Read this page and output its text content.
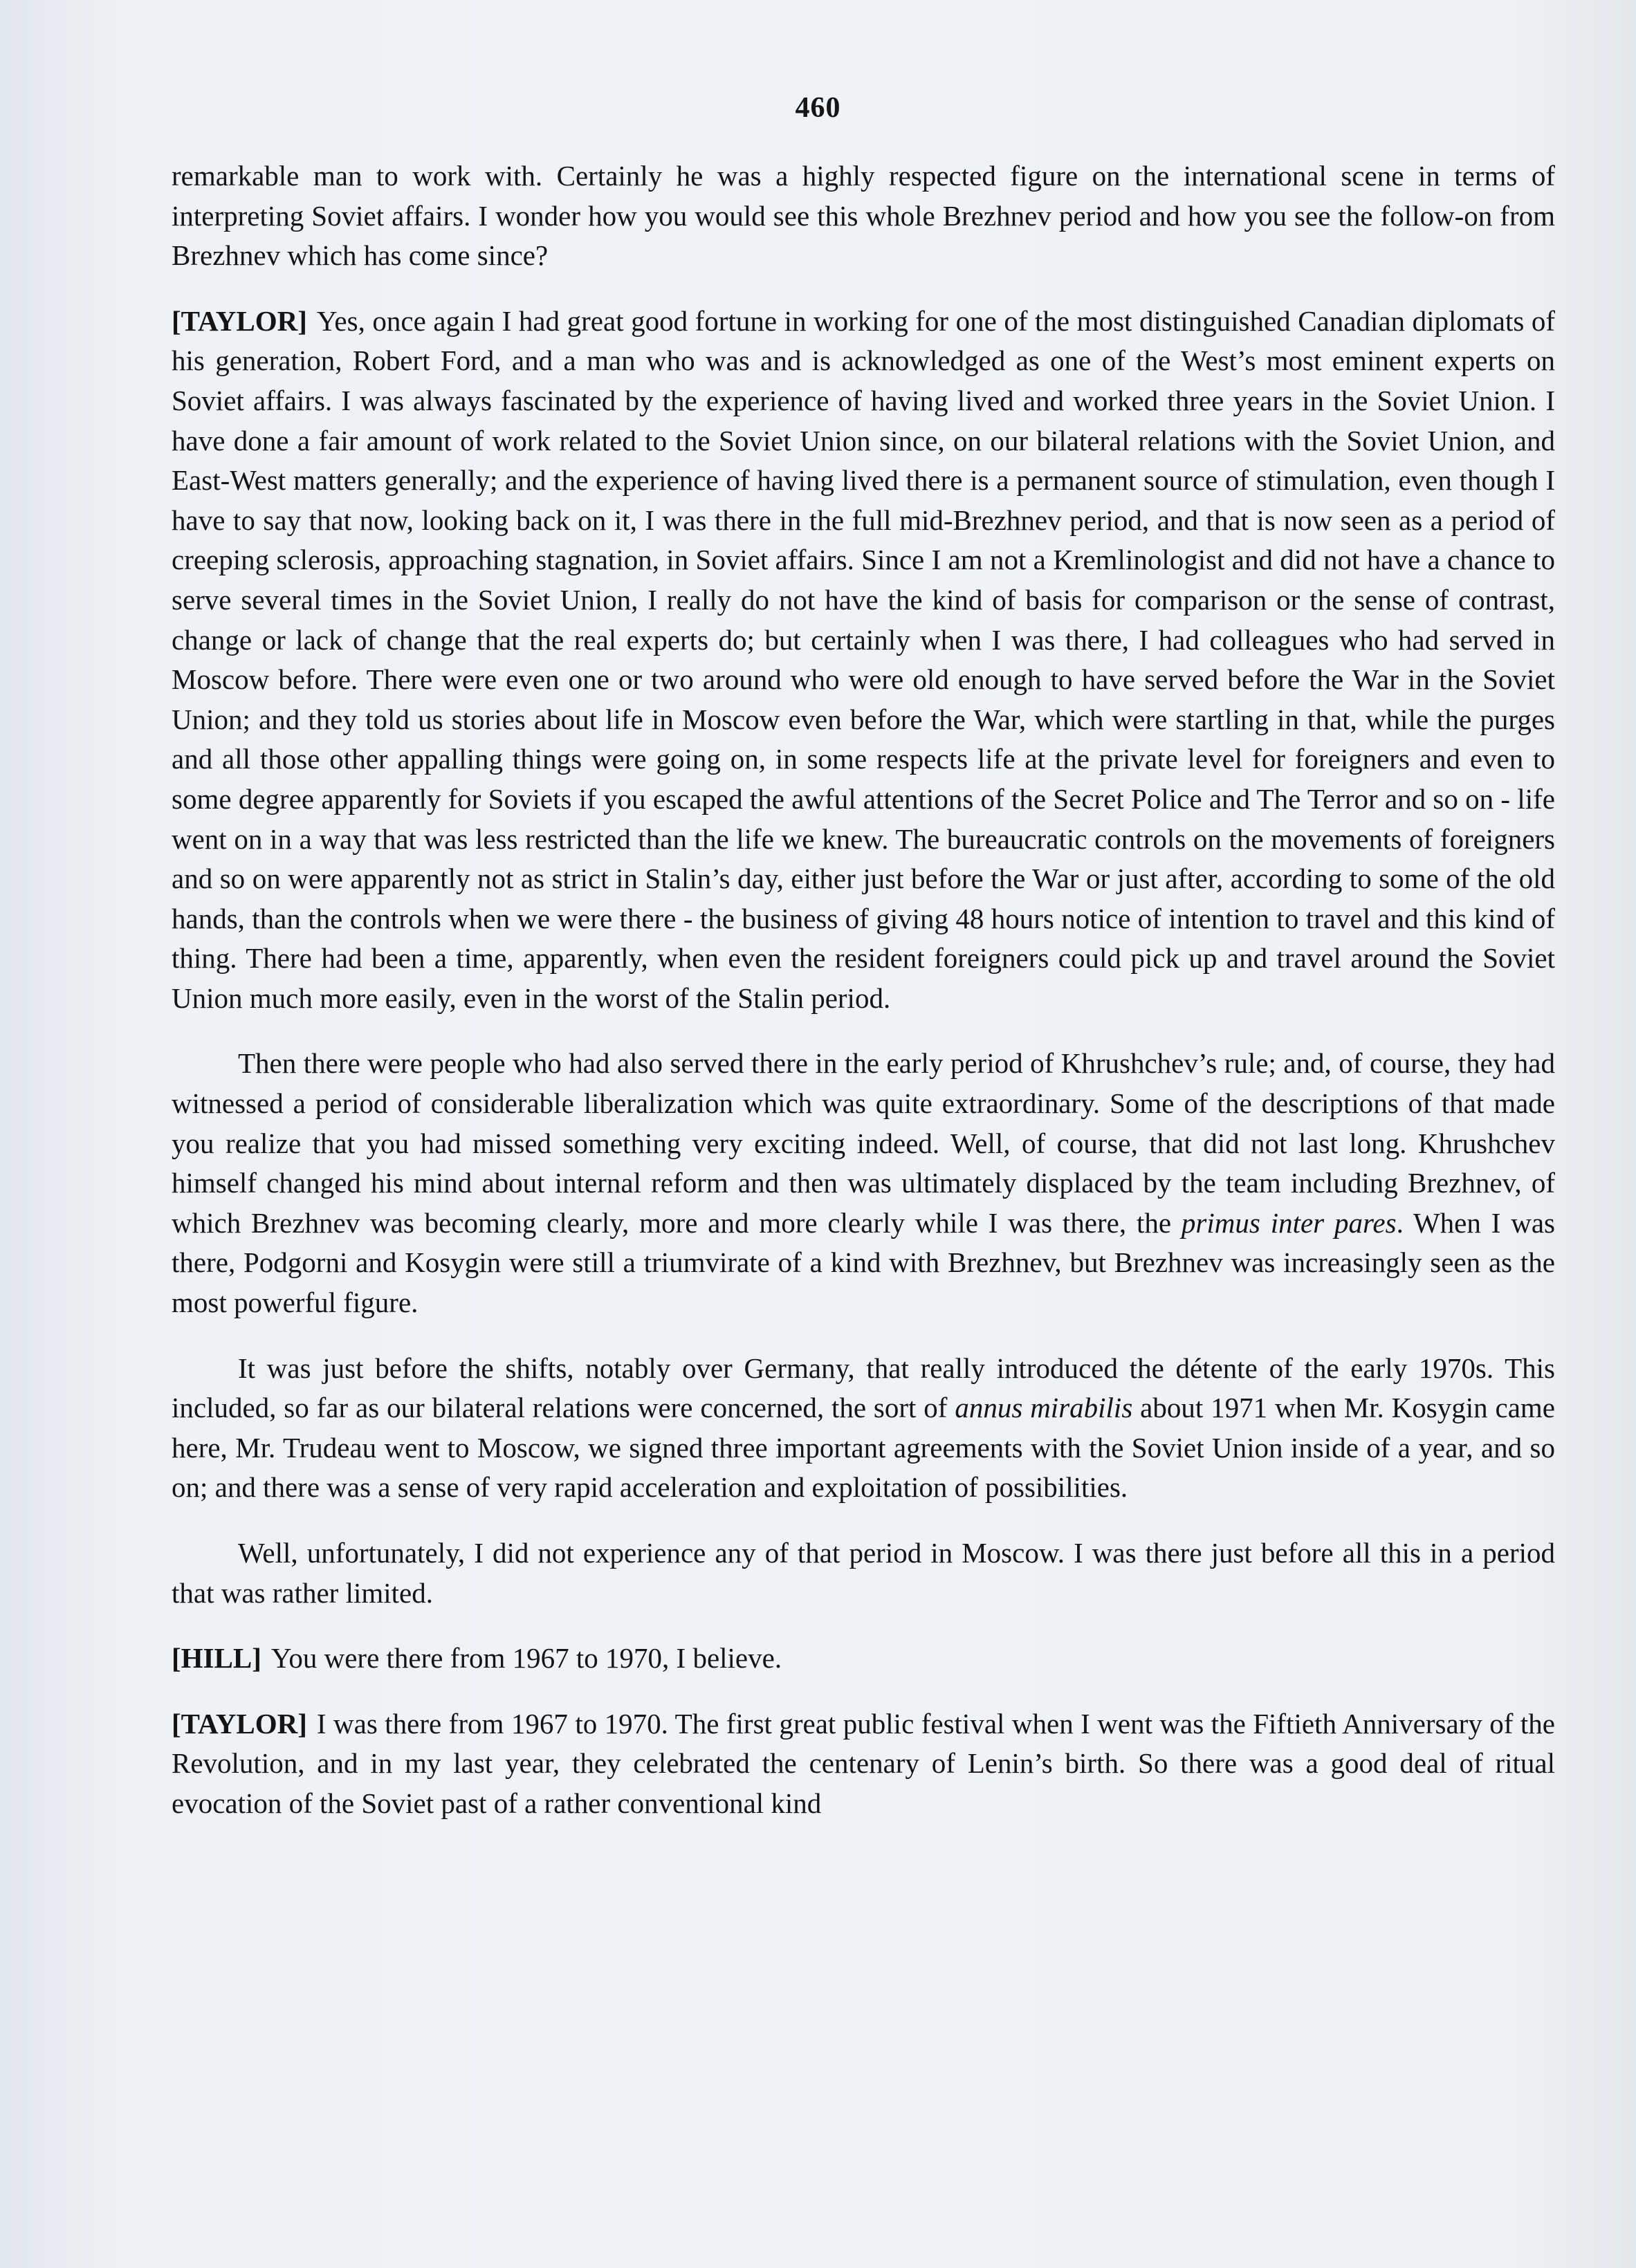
460

remarkable man to work with. Certainly he was a highly respected figure on the international scene in terms of interpreting Soviet affairs. I wonder how you would see this whole Brezhnev period and how you see the follow-on from Brezhnev which has come since?

[TAYLOR] Yes, once again I had great good fortune in working for one of the most distinguished Canadian diplomats of his generation, Robert Ford, and a man who was and is acknowledged as one of the West’s most eminent experts on Soviet affairs. I was always fascinated by the experience of having lived and worked three years in the Soviet Union. I have done a fair amount of work related to the Soviet Union since, on our bilateral relations with the Soviet Union, and East-West matters generally; and the experience of having lived there is a permanent source of stimulation, even though I have to say that now, looking back on it, I was there in the full mid-Brezhnev period, and that is now seen as a period of creeping sclerosis, approaching stagnation, in Soviet affairs. Since I am not a Kremlinologist and did not have a chance to serve several times in the Soviet Union, I really do not have the kind of basis for comparison or the sense of contrast, change or lack of change that the real experts do; but certainly when I was there, I had colleagues who had served in Moscow before. There were even one or two around who were old enough to have served before the War in the Soviet Union; and they told us stories about life in Moscow even before the War, which were startling in that, while the purges and all those other appalling things were going on, in some respects life at the private level for foreigners and even to some degree apparently for Soviets if you escaped the awful attentions of the Secret Police and The Terror and so on - life went on in a way that was less restricted than the life we knew. The bureaucratic controls on the movements of foreigners and so on were apparently not as strict in Stalin’s day, either just before the War or just after, according to some of the old hands, than the controls when we were there - the business of giving 48 hours notice of intention to travel and this kind of thing. There had been a time, apparently, when even the resident foreigners could pick up and travel around the Soviet Union much more easily, even in the worst of the Stalin period.

Then there were people who had also served there in the early period of Khrushchev’s rule; and, of course, they had witnessed a period of considerable liberalization which was quite extraordinary. Some of the descriptions of that made you realize that you had missed something very exciting indeed. Well, of course, that did not last long. Khrushchev himself changed his mind about internal reform and then was ultimately displaced by the team including Brezhnev, of which Brezhnev was becoming clearly, more and more clearly while I was there, the primus inter pares. When I was there, Podgorni and Kosygin were still a triumvirate of a kind with Brezhnev, but Brezhnev was increasingly seen as the most powerful figure.

It was just before the shifts, notably over Germany, that really introduced the détente of the early 1970s. This included, so far as our bilateral relations were concerned, the sort of annus mirabilis about 1971 when Mr. Kosygin came here, Mr. Trudeau went to Moscow, we signed three important agreements with the Soviet Union inside of a year, and so on; and there was a sense of very rapid acceleration and exploitation of possibilities.

Well, unfortunately, I did not experience any of that period in Moscow. I was there just before all this in a period that was rather limited.

[HILL] You were there from 1967 to 1970, I believe.

[TAYLOR] I was there from 1967 to 1970. The first great public festival when I went was the Fiftieth Anniversary of the Revolution, and in my last year, they celebrated the centenary of Lenin’s birth. So there was a good deal of ritual evocation of the Soviet past of a rather conventional kind
